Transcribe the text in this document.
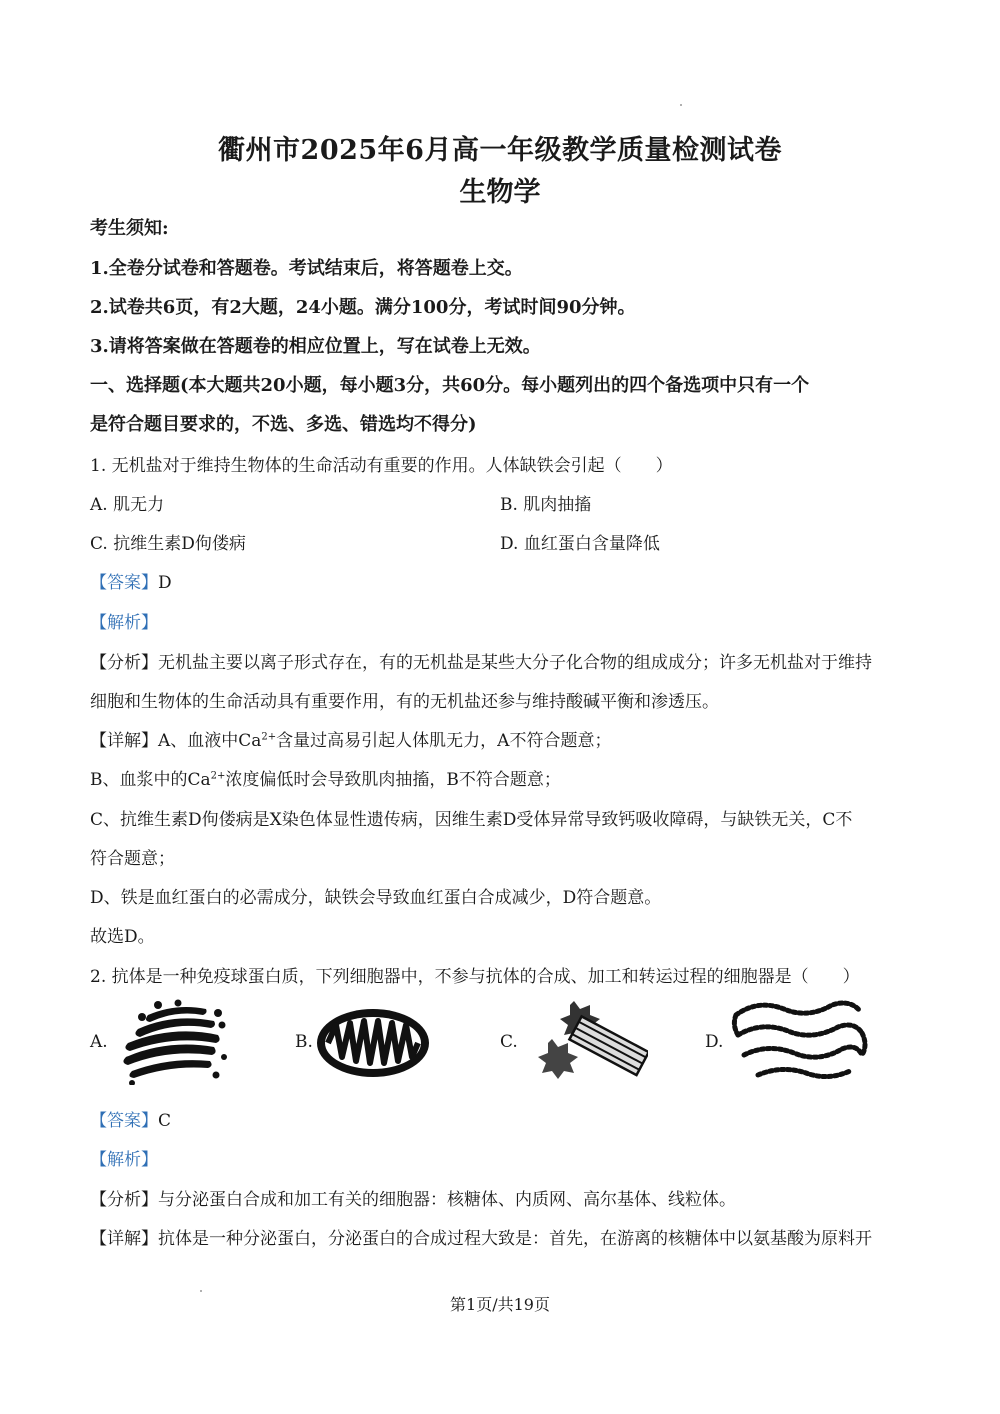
衢州市2025年6月高一年级教学质量检测试卷
生物学
考生须知:
1.全卷分试卷和答题卷。考试结束后，将答题卷上交。
2.试卷共6页，有2大题，24小题。满分100分，考试时间90分钟。
3.请将答案做在答题卷的相应位置上，写在试卷上无效。
一、选择题(本大题共20小题，每小题3分，共60分。每小题列出的四个备选项中只有一个
是符合题目要求的，不选、多选、错选均不得分)
1. 无机盐对于维持生物体的生命活动有重要的作用。人体缺铁会引起（　　）
A. 肌无力	B. 肌肉抽搐
C. 抗维生素D佝偻病	D. 血红蛋白含量降低
【答案】D
【解析】
【分析】无机盐主要以离子形式存在，有的无机盐是某些大分子化合物的组成成分；许多无机盐对于维持
细胞和生物体的生命活动具有重要作用，有的无机盐还参与维持酸碱平衡和渗透压。
【详解】A、血液中$Ca^{2+}$含量过高易引起人体肌无力，A不符合题意；
B、血浆中的$Ca^{2+}$浓度偏低时会导致肌肉抽搐，B不符合题意；
C、抗维生素D佝偻病是X染色体显性遗传病，因维生素D受体异常导致钙吸收障碍，与缺铁无关，C不
符合题意；
D、铁是血红蛋白的必需成分，缺铁会导致血红蛋白合成减少，D符合题意。
故选D。
2. 抗体是一种免疫球蛋白质，下列细胞器中，不参与抗体的合成、加工和转运过程的细胞器是（　　）
A.	B.	C.	D.
【答案】C
【解析】
【分析】与分泌蛋白合成和加工有关的细胞器：核糖体、内质网、高尔基体、线粒体。
【详解】抗体是一种分泌蛋白，分泌蛋白的合成过程大致是：首先，在游离的核糖体中以氨基酸为原料开
第1页/共19页
